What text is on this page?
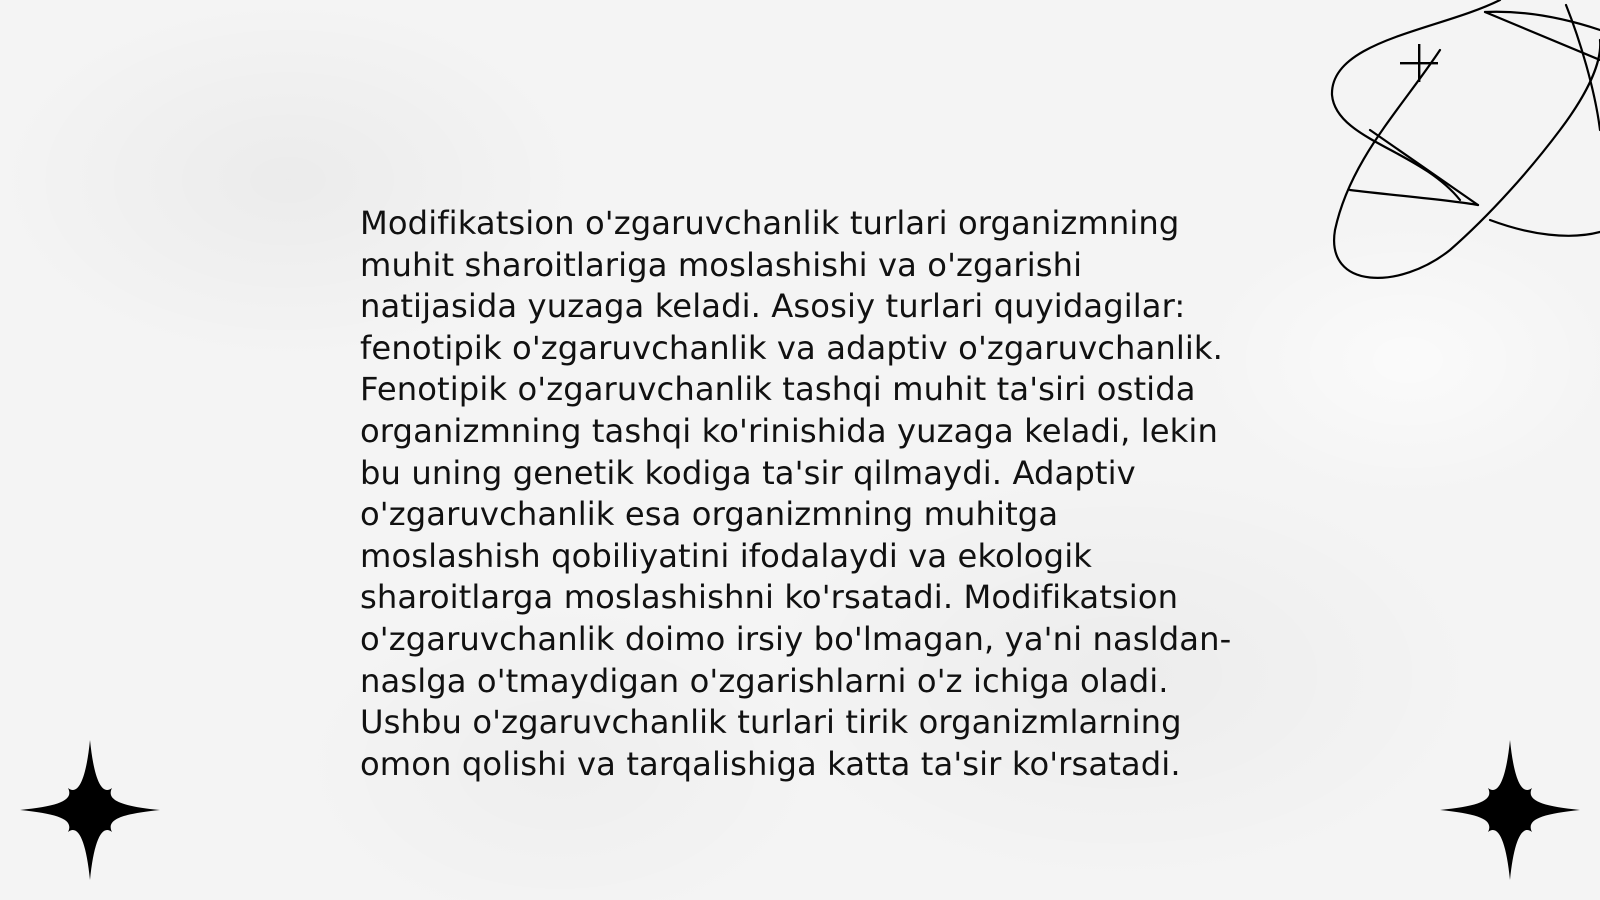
Modifikatsion o'zgaruvchanlik turlari organizmning muhit sharoitlariga moslashishi va o'zgarishi natijasida yuzaga keladi. Asosiy turlari quyidagilar: fenotipik o'zgaruvchanlik va adaptiv o'zgaruvchanlik. Fenotipik o'zgaruvchanlik tashqi muhit ta'siri ostida organizmning tashqi ko'rinishida yuzaga keladi, lekin bu uning genetik kodiga ta'sir qilmaydi. Adaptiv o'zgaruvchanlik esa organizmning muhitga moslashish qobiliyatini ifodalaydi va ekologik sharoitlarga moslashishni ko'rsatadi. Modifikatsion o'zgaruvchanlik doimo irsiy bo'lmagan, ya'ni nasldan-naslga o'tmaydigan o'zgarishlarni o'z ichiga oladi. Ushbu o'zgaruvchanlik turlari tirik organizmlarning omon qolishi va tarqalishiga katta ta'sir ko'rsatadi.
